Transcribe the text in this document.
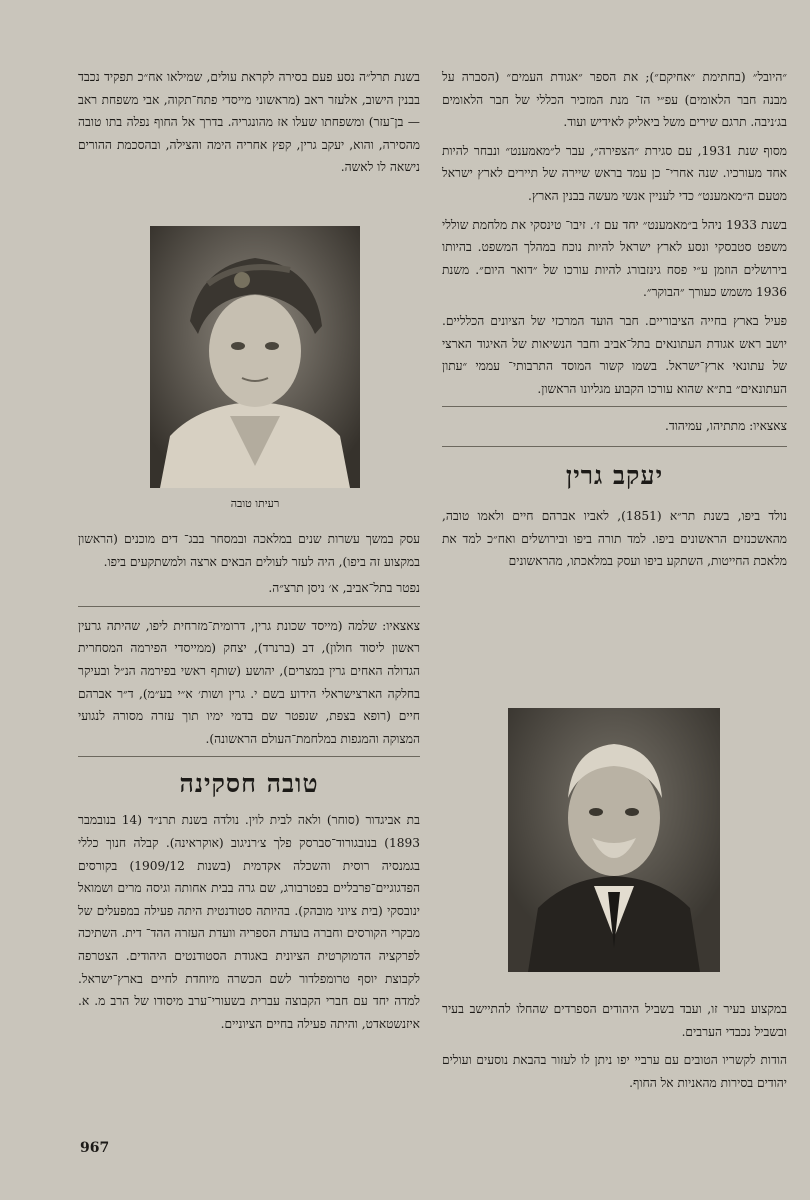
״היובל״ (בחתימת ״אחיקם״); את הספר ״אגודת העמים״ (הסברה על מבנה חבר הלאומים) עפ״י הז־ מנת המזכיר הכללי של חבר הלאומים בג׳ניבה. תרגם שירים משל ביאליק לאידיש ועוד.

מסוף שנת 1931, עם סגירת ״הצפירה״, עבר ל״מאמענט״ ונבחר להיות אחד מעורכיו. שנה אחרי־ כן עמד בראש שיירה של תיירים לארץ ישראל מטעם ה״מאמענט״ כדי לעניין אנשי מעשה בבנין הארץ.

בשנת 1933 ניהל ב״מאמענט״ יחד עם ז׳. זיבו־ טינסקי את מלחמת שוללי משפט סטבסקי ונסע לארץ ישראל להיות נוכח במהלך המשפט. בהיותו בירושלים הוזמן ע״י פסח גינזבורג להיות עורכו של ״דואר היום״. משנת 1936 משמש כעורך ״הבוקר״.

פעיל בארץ בחייה הציבוריים. חבר הועד המרכזי של הציונים הכלליים. יושב ראש אגודת העתונאים בתל־אביב וחבר הנשיאות של האיגוד הארצי של עתונאי ארץ־ישראל. בשמו קשור המוסד התרבותי־ עממי ״עתון העתונאים״ בת״א שהוא עורכו הקבוע מגליונו הראשון.

צאצאיו: מתתיהו, עמיהוד.

יעקב גרין

נולד ביפו, בשנת תר״א (1851), לאביו אברהם חיים ולאמו טובה, מהאשכנזים הראשונים ביפו. למד תורה ביפו ובירושלים ואח״כ למד את מלאכת החייטות, השתקע ביפו ועסק במלאכתו, מהראשונים

במקצוע בעיר זו, ועבד בשביל היהודים הספרדים שהחלו להתיישב בעיר ובשביל נכבדי הערבים.

הודות לקשריו הטובים עם ערביי יפו ניתן לו לעזור בהבאת נוסעים ועולים יהודים בסירות מהאניות אל החוף.

בשנת תרל״ה נסע פעם בסירה לקראת עולים, שמילאו אח״כ תפקיד נכבד בבנין הישוב, אלעזר ראב (מראשוני מייסדי פתח־תקוה, אבי משפחת ראב — בן־עזר) ומשפחתו שעלו אז מהונגריה. בדרך אל החוף נפלה בתו טובה מהסירה, והוא, יעקב גרין, קפץ אחריה הימה והצילה, ובהסכמת ההורים נישאה לו לאשה.

רעיתו טובה

עסק במשך עשרות שנים במלאכה ובמסחר בבג־ דים מוכנים (הראשון במקצוע זה ביפו), היה לעזר לעולים הבאים ארצה ולמשתקעים ביפו.

נפטר בתל־אביב, א׳ ניסן תרצ״ה.

צאצאיו: שלמה (מייסד שכונת גרין, דרומית־מזרחית ליפו, שהיתה גרעין ראשון ליסוד חולון), דב (ברנרד), יצחק (ממייסדי הפירמה המסחרית הגדולה האחים גרין במצרים), יהושע (שותף ראשי בפירמה הנ״ל ובעיקר בחלקה הארצישראלי הידוע בשם י. גרין ושות׳ א״י בע״מ), ד״ר אברהם חיים (רופא בצפת, שנפטר שם בדמי ימיו תוך עזרה מסורה לנגועי המצוקה והמגפות במלחמת־העולם הראשונה).

טובה חסקינה

בת אביגדור (סוחר) ולאה לבית לוין. נולדה בשנת תרנ״ד (14 בנובמבר 1893) בנובגורוד־סברסק פלך צ׳רניגוב (אוקראינה). קבלה חנוך כללי בגמנסיה רוסית והשכלה אקדמית (בשנות 1909/12) בקורסים הפדגוגיים־פרבליים בפטרבורג, שם גרה בבית אחותה וגיסה מרים ושמואל ינובסקי (בית ציוני מובהק). בהיותה סטודנטית היתה פעילה במפעלים של מבקרי הקורסים וחברה בועדת הספריה וועדת העזרה ההד־ דית. השתיכה לפרקציה הדמוקרטית הציונית באגודת הסטודנטים היהודים. הצטרפה לקבוצת יוסף טרומפלדור לשם הכשרה מיוחדת לחיים בארץ־ישראל. למדה יחד עם חברי הקבוצה עברית בשעורי־ערב מיסודו של הרב מ. א. איזנשטאדט, והיתה פעילה בחיים הציוניים.

967
